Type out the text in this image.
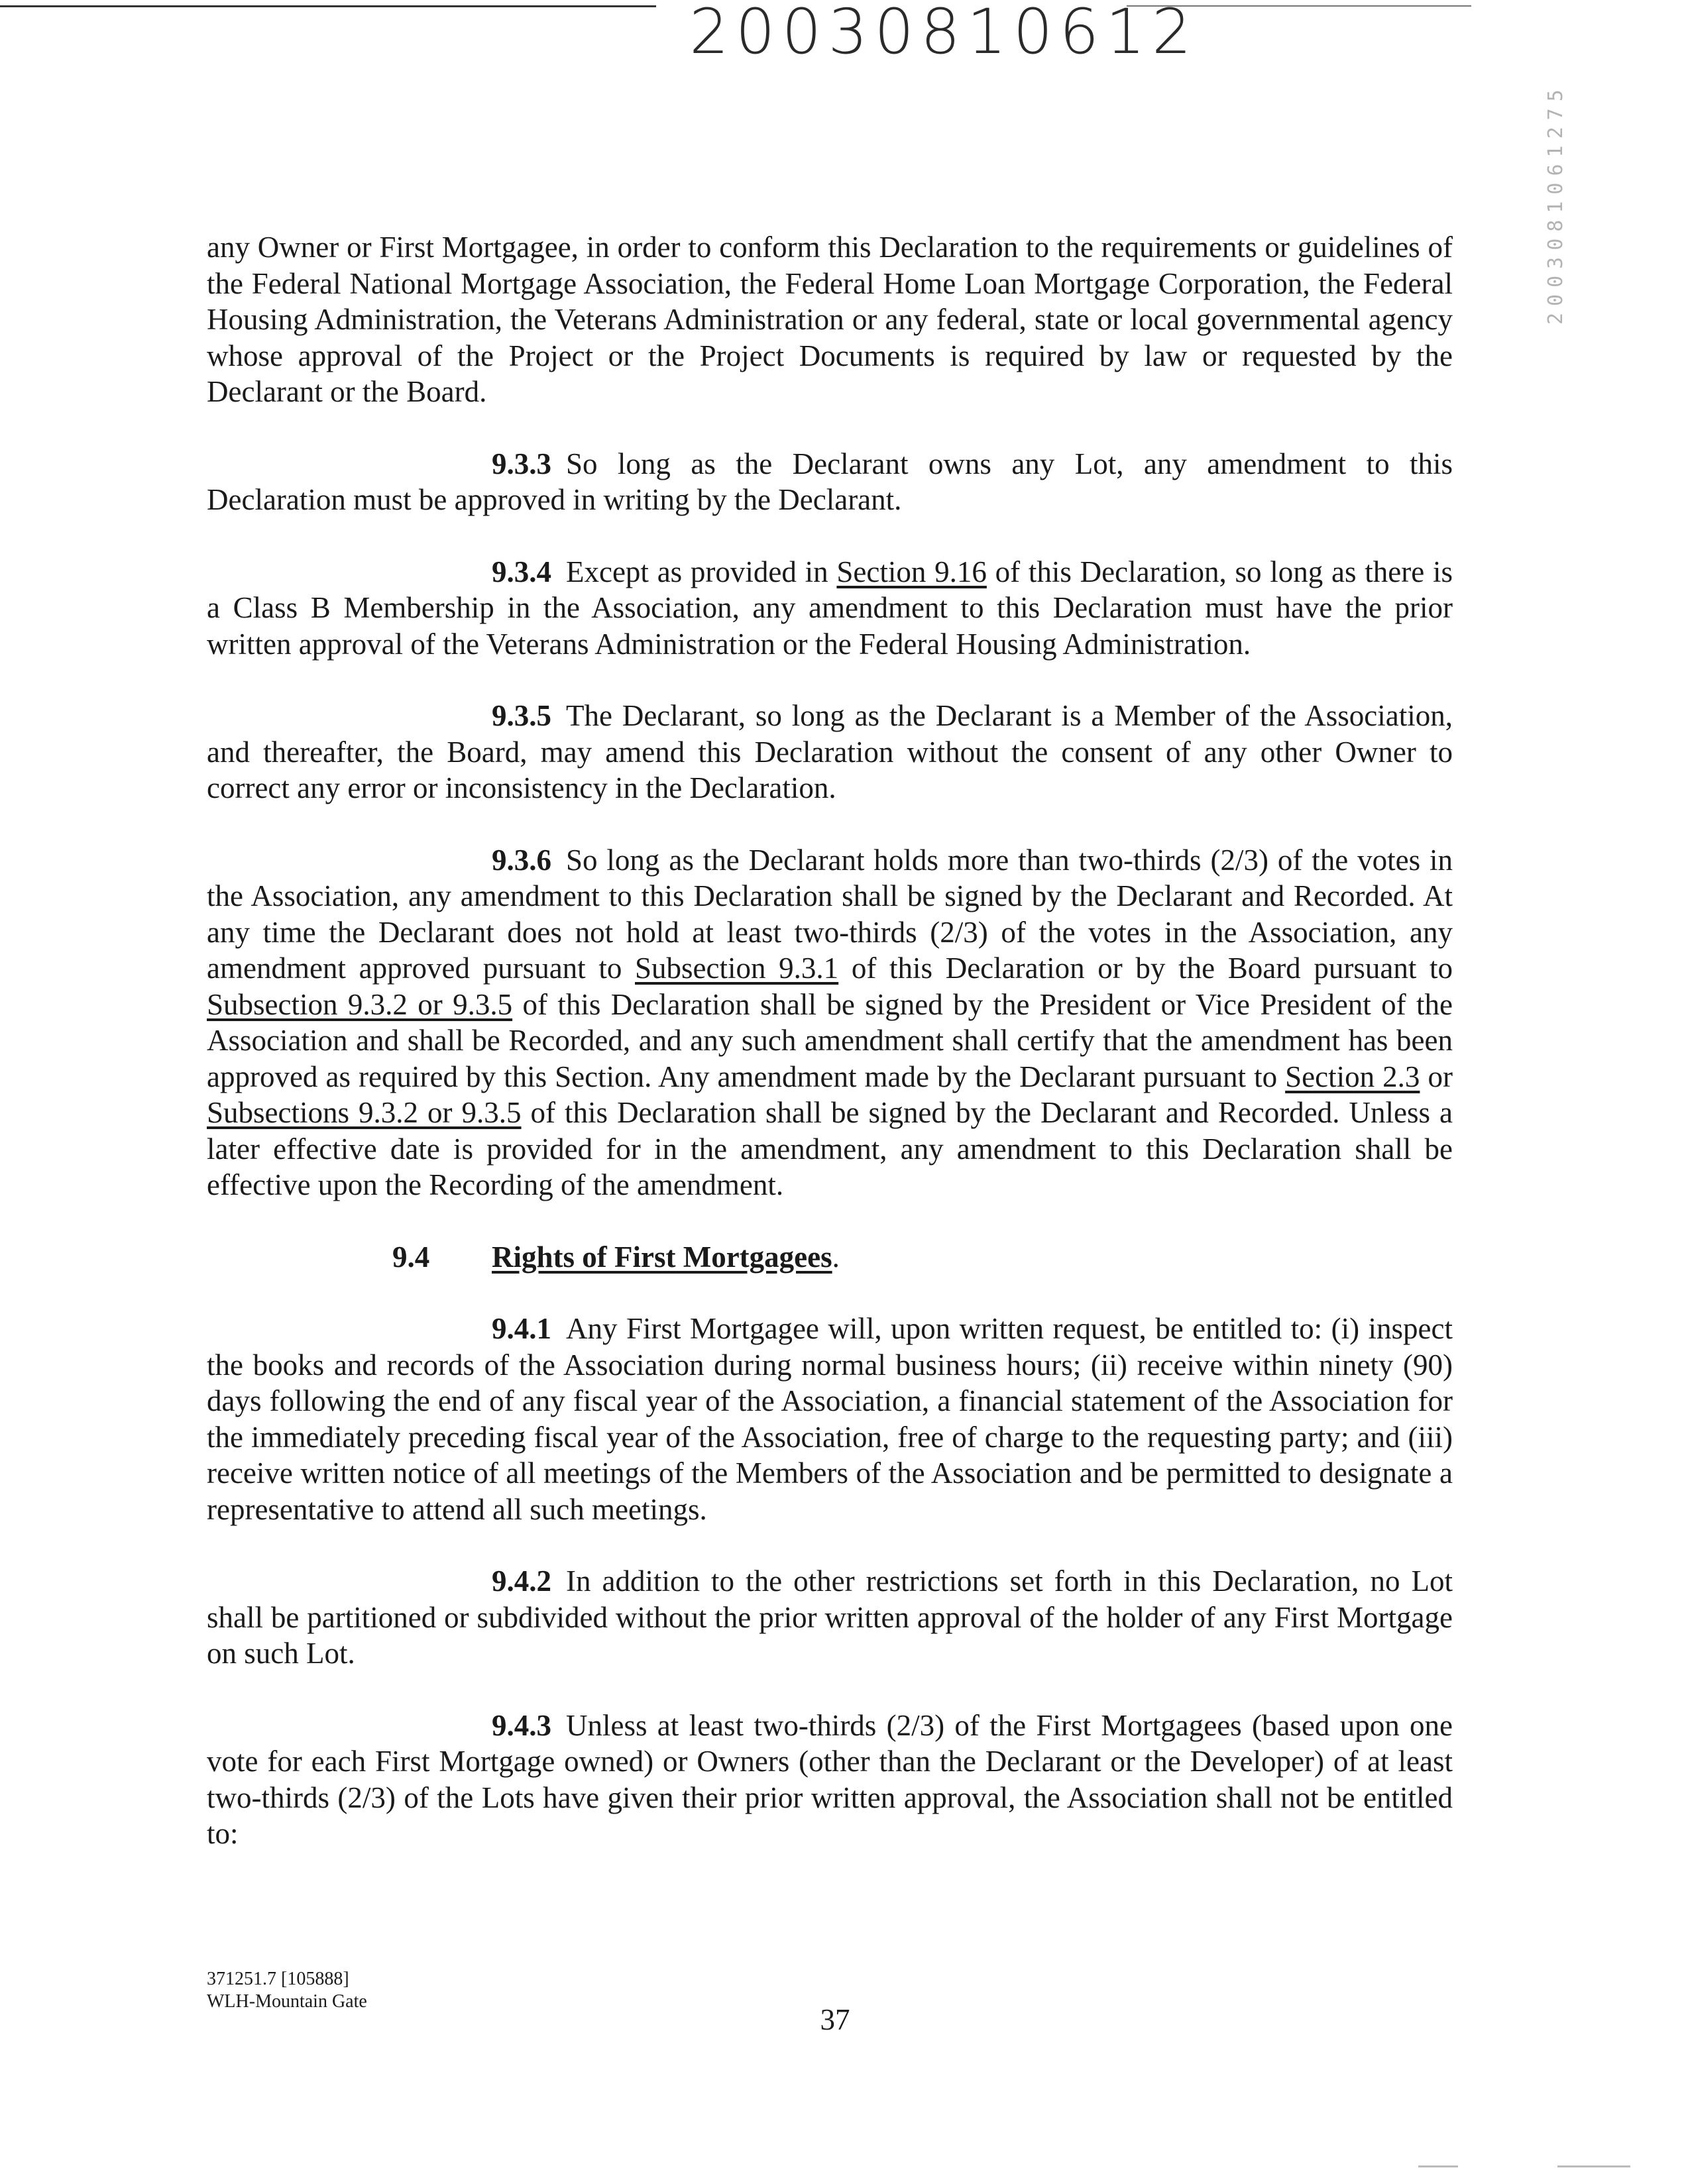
20030810612
2003081061275

any Owner or First Mortgagee, in order to conform this Declaration to the requirements or guidelines of the Federal National Mortgage Association, the Federal Home Loan Mortgage Corporation, the Federal Housing Administration, the Veterans Administration or any federal, state or local governmental agency whose approval of the Project or the Project Documents is required by law or requested by the Declarant or the Board.

9.3.3 So long as the Declarant owns any Lot, any amendment to this Declaration must be approved in writing by the Declarant.

9.3.4 Except as provided in Section 9.16 of this Declaration, so long as there is a Class B Membership in the Association, any amendment to this Declaration must have the prior written approval of the Veterans Administration or the Federal Housing Administration.

9.3.5 The Declarant, so long as the Declarant is a Member of the Association, and thereafter, the Board, may amend this Declaration without the consent of any other Owner to correct any error or inconsistency in the Declaration.

9.3.6 So long as the Declarant holds more than two-thirds (2/3) of the votes in the Association, any amendment to this Declaration shall be signed by the Declarant and Recorded. At any time the Declarant does not hold at least two-thirds (2/3) of the votes in the Association, any amendment approved pursuant to Subsection 9.3.1 of this Declaration or by the Board pursuant to Subsection 9.3.2 or 9.3.5 of this Declaration shall be signed by the President or Vice President of the Association and shall be Recorded, and any such amendment shall certify that the amendment has been approved as required by this Section. Any amendment made by the Declarant pursuant to Section 2.3 or Subsections 9.3.2 or 9.3.5 of this Declaration shall be signed by the Declarant and Recorded. Unless a later effective date is provided for in the amendment, any amendment to this Declaration shall be effective upon the Recording of the amendment.

9.4 Rights of First Mortgagees.

9.4.1 Any First Mortgagee will, upon written request, be entitled to: (i) inspect the books and records of the Association during normal business hours; (ii) receive within ninety (90) days following the end of any fiscal year of the Association, a financial statement of the Association for the immediately preceding fiscal year of the Association, free of charge to the requesting party; and (iii) receive written notice of all meetings of the Members of the Association and be permitted to designate a representative to attend all such meetings.

9.4.2 In addition to the other restrictions set forth in this Declaration, no Lot shall be partitioned or subdivided without the prior written approval of the holder of any First Mortgage on such Lot.

9.4.3 Unless at least two-thirds (2/3) of the First Mortgagees (based upon one vote for each First Mortgage owned) or Owners (other than the Declarant or the Developer) of at least two-thirds (2/3) of the Lots have given their prior written approval, the Association shall not be entitled to:

371251.7 [105888]
WLH-Mountain Gate
37
